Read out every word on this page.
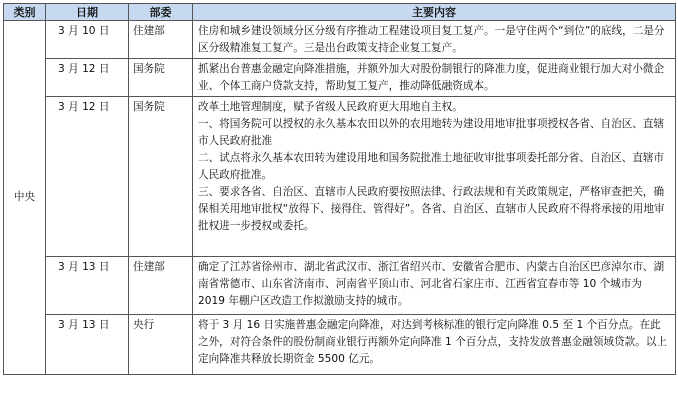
类别	日期	部委	主要内容
中央	3 月 10 日	住建部	住房和城乡建设领域分区分级有序推动工程建设项目复工复产。一是守住两个“到位”的底线，二是分区分级精准复工复产。三是出台政策支持企业复工复产。

	3 月 12 日	国务院	抓紧出台普惠金融定向降准措施，并额外加大对股份制银行的降准力度，促进商业银行加大对小微企业、个体工商户贷款支持，帮助复工复产，推动降低融资成本。

	3 月 12 日	国务院	改革土地管理制度，赋予省级人民政府更大用地自主权。

一、将国务院可以授权的永久基本农田以外的农用地转为建设用地审批事项授权各省、自治区、直辖市人民政府批准

二、试点将永久基本农田转为建设用地和国务院批准土地征收审批事项委托部分省、自治区、直辖市人民政府批准。

三、要求各省、自治区、直辖市人民政府要按照法律、行政法规和有关政策规定，严格审查把关，确保相关用地审批权“放得下、接得住、管得好”。各省、自治区、直辖市人民政府不得将承接的用地审批权进一步授权或委托。

	3 月 13 日	住建部	确定了江苏省徐州市、湖北省武汉市、浙江省绍兴市、安徽省合肥市、内蒙古自治区巴彦淖尔市、湖南省常德市、山东省济南市、河南省平顶山市、河北省石家庄市、江西省宜春市等 10 个城市为 2019 年棚户区改造工作拟激励支持的城市。

	3 月 13 日	央行	将于 3 月 16 日实施普惠金融定向降准，对达到考核标准的银行定向降准 0.5 至 1 个百分点。在此之外，对符合条件的股份制商业银行再额外定向降准 1 个百分点，支持发放普惠金融领域贷款。以上定向降准共释放长期资金 5500 亿元。
